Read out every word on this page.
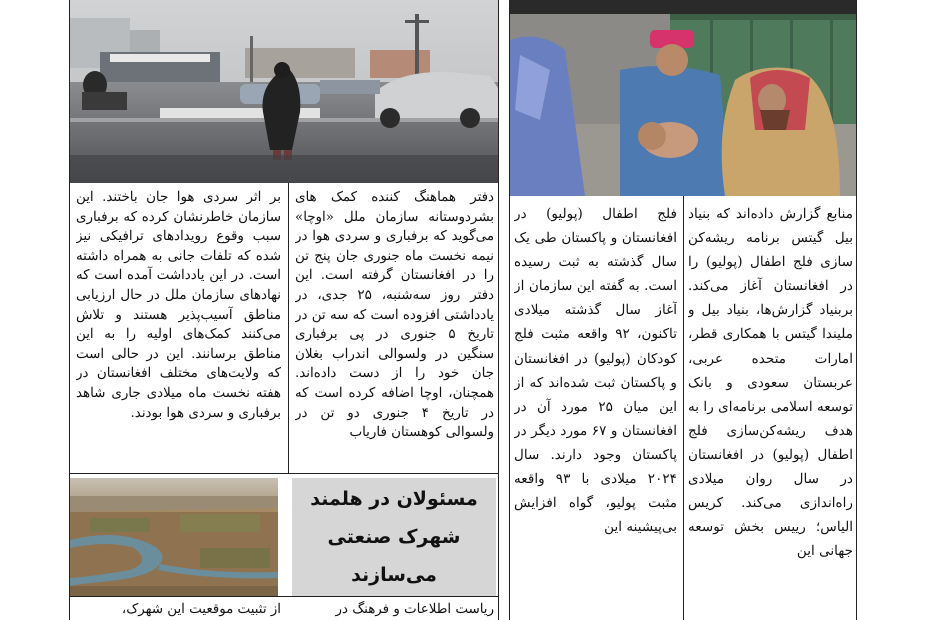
دفتر هماهنگ کننده کمک های بشردوستانه سازمان ملل «اوچا» می‌گوید که برفباری و سردی هوا در نیمه نخست ماه جنوری جان پنج تن را در افغانستان گرفته است. این دفتر روز سه‌شنبه، ۲۵ جدی، در یادداشتی افزوده است که سه تن در تاریخ ۵ جنوری در پی برفباری سنگین در ولسوالی اندراب بغلان جان خود را از دست داده‌اند. همچنان، اوچا اضافه کرده است که در تاریخ ۴ جنوری دو تن در ولسوالی کوهستان فاریاب

بر اثر سردی هوا جان باختند. این سازمان خاطرنشان کرده که برفباری سبب وقوع رویدادهای ترافیکی نیز شده که تلفات جانی به همراه داشته است. در این یادداشت آمده است که نهادهای سازمان ملل در حال ارزیابی مناطق آسیب‌پذیر هستند و تلاش می‌کنند کمک‌های اولیه را به این مناطق برسانند. این در حالی است که ولایت‌های مختلف افغانستان در هفته نخست ماه میلادی جاری شاهد برفباری و سردی هوا بودند.

منابع گزارش داده‌اند که بنیاد بیل گیتس برنامه ریشه‌کن سازی فلج اطفال (پولیو) را در افغانستان آغاز می‌کند. بربنیاد گزارش‌ها، بنیاد بیل و ملیندا گیتس با همکاری قطر، امارات متحده عربی، عربستان سعودی و بانک توسعه اسلامی برنامه‌ای را به هدف ریشه‌کن‌سازی فلج اطفال (پولیو) در افغانستان در سال روان میلادی راه‌اندازی می‌کند. کریس الیاس؛ رییس بخش توسعه جهانی این

فلج اطفال (پولیو) در افغانستان و پاکستان طی یک سال گذشته به ثبت رسیده است. به گفته این سازمان از آغاز سال گذشته میلادی تاکنون، ۹۲ واقعه مثبت فلج کودکان (پولیو) در افغانستان و پاکستان ثبت شده‌اند که از این میان ۲۵ مورد آن در افغانستان و ۶۷ مورد دیگر در پاکستان وجود دارند. سال ۲۰۲۴ میلادی با ۹۳ واقعه مثبت پولیو، گواه افزایش بی‌پیشینه این

مسئولان در هلمند
شهرک صنعتی می‌سازند

ریاست اطلاعات و فرهنگ در

از تثبیت موقعیت این شهرک،
